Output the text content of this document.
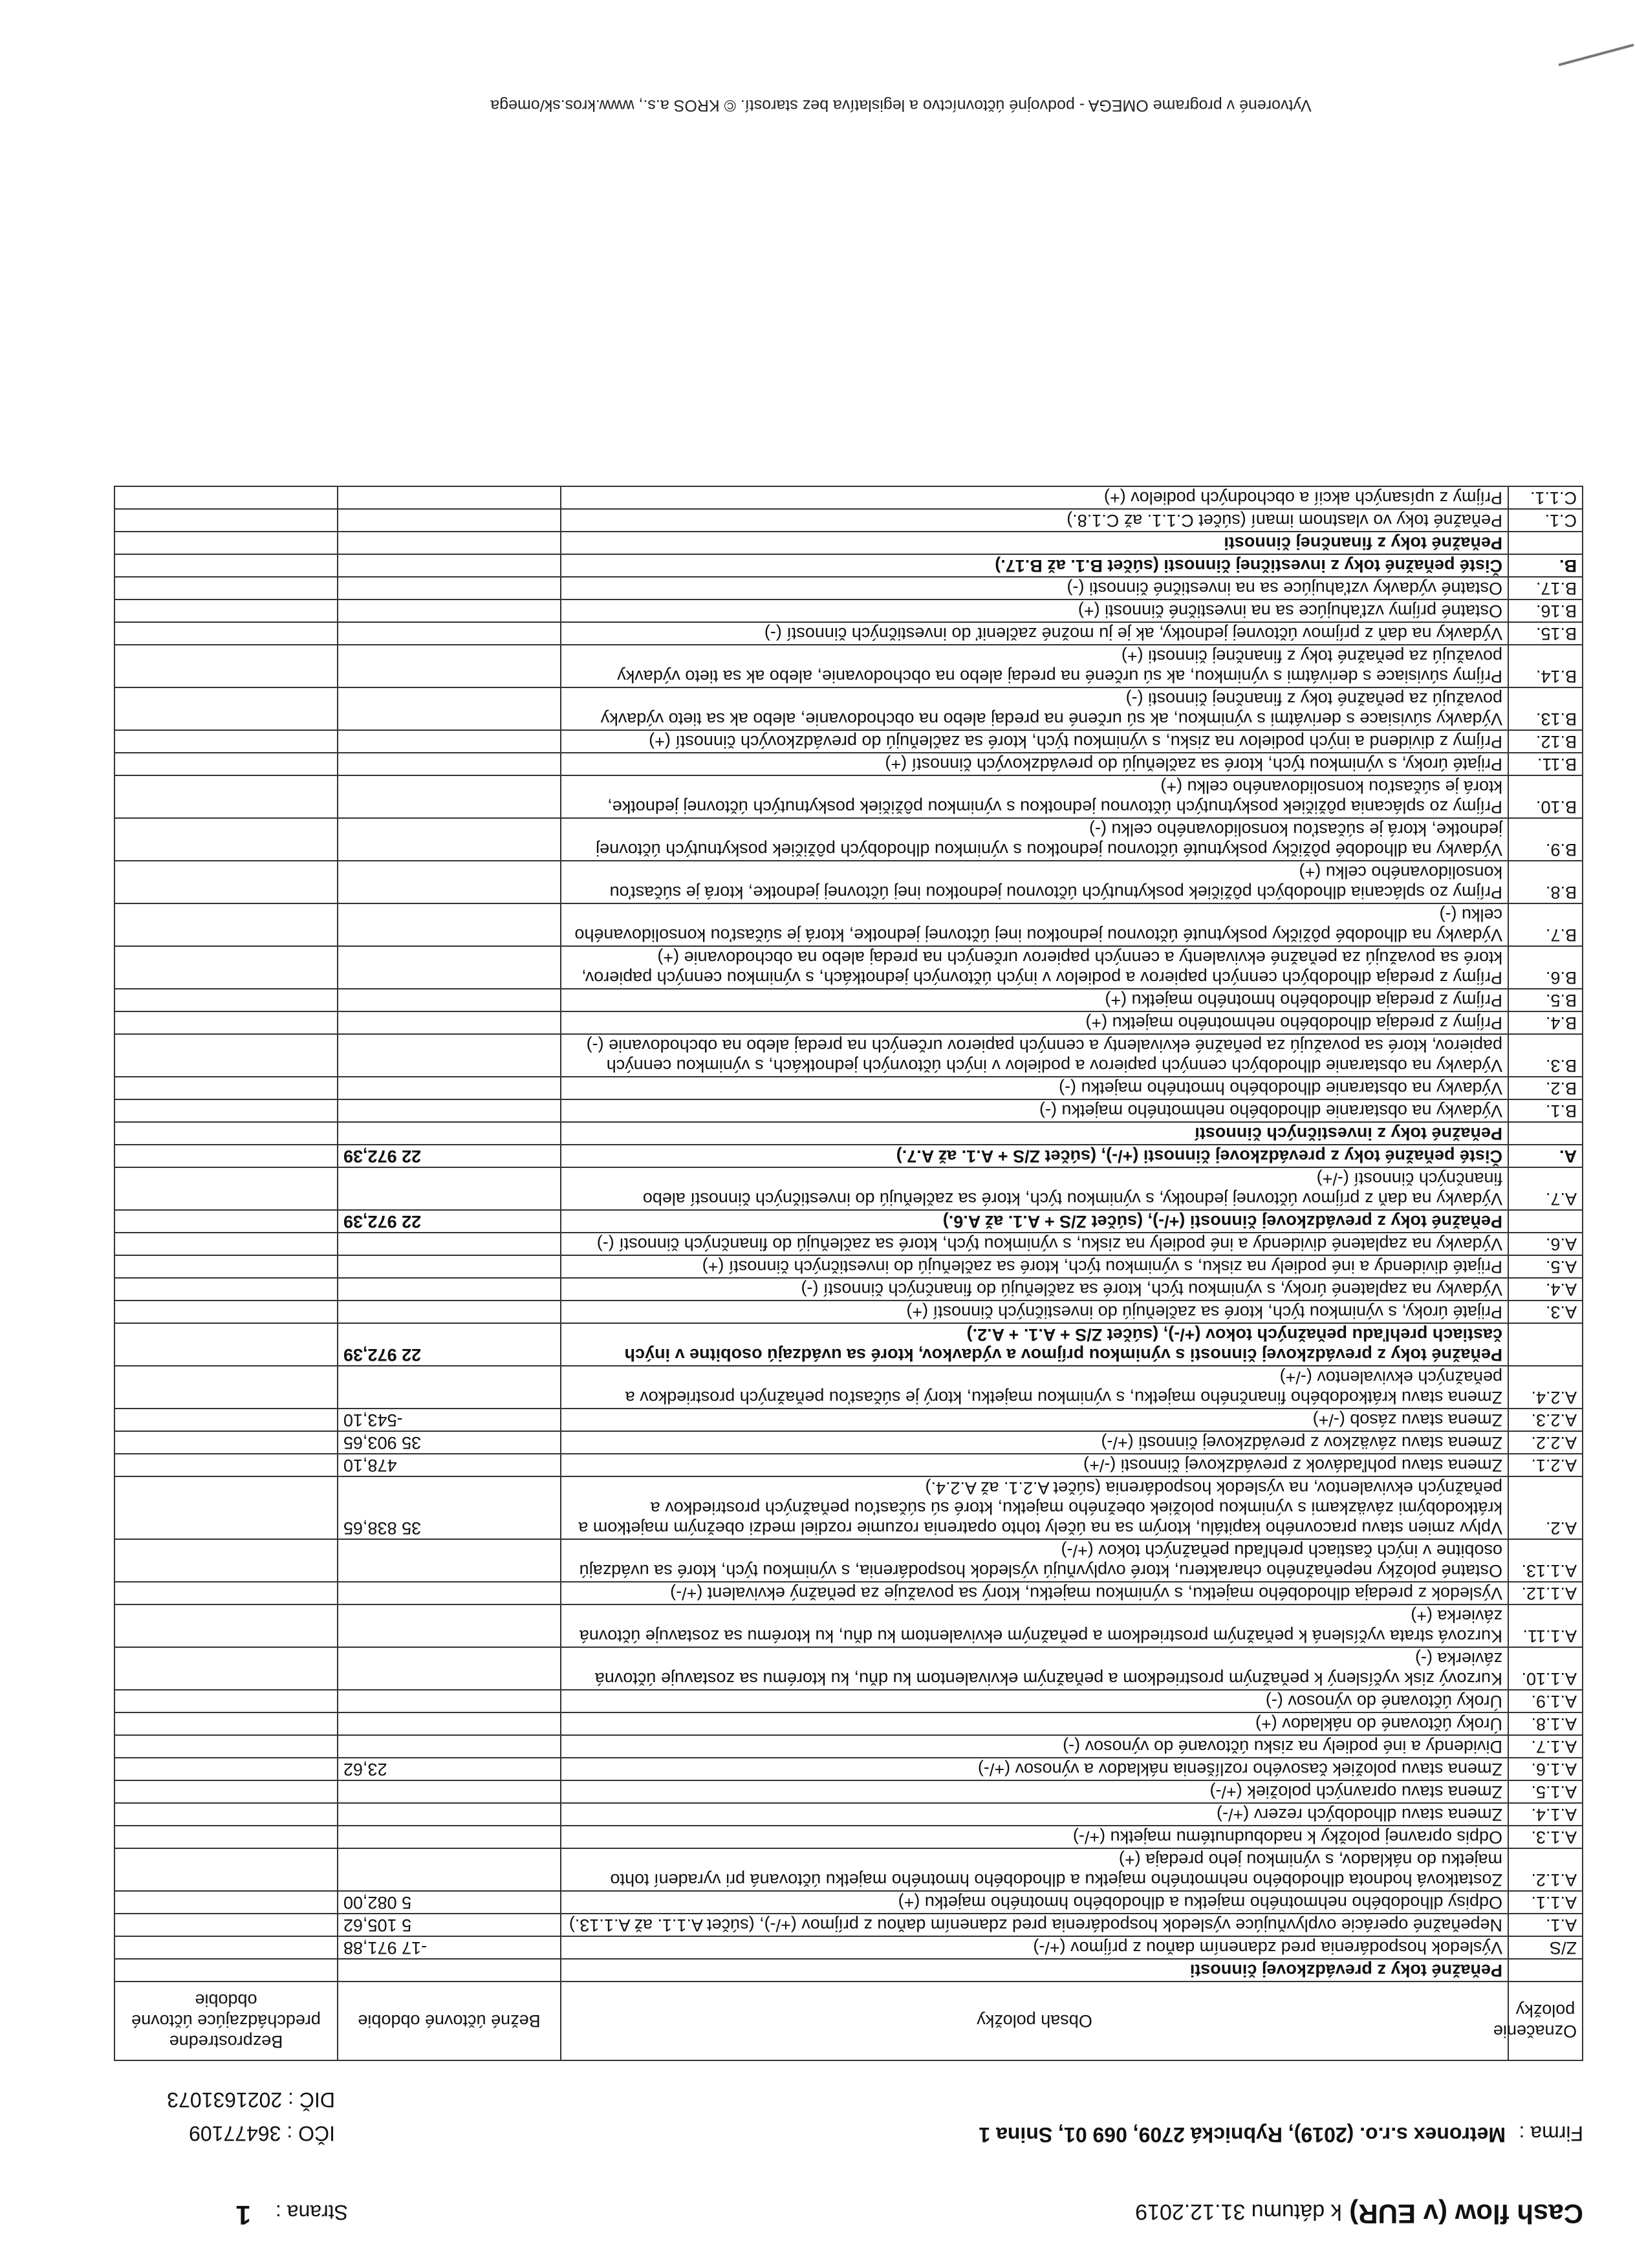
Cash flow (v EUR) k dátumu 31.12.2019
Strana :
1
Firma :
Metronex s.r.o. (2019), Rybnická 2709, 069 01, Snina 1
IČO : 36477109
DIČ : 2021631073
Označenie položky	Obsah položky	Bežné účtovné obdobie	Bezprostredne predchádzajúce účtovné obdobie
	Peňažné toky z prevádzkovej činnosti		
Z/S	Výsledok hospodárenia pred zdanením daňou z príjmov (+/-)	-17 971,88	
A.1.	Nepeňažné operácie ovplyvňujúce výsledok hospodárenia pred zdanením daňou z príjmov (+/-), (súčet A.1.1. až A.1.13.)	5 105,62	
A.1.1.	Odpisy dlhodobého nehmotného majetku a dlhodobého hmotného majetku (+)	5 082,00	
A.1.2.	Zostatková hodnota dlhodobého nehmotného majetku a dlhodobého hmotného majetku účtovaná pri vyradení tohto majetku do nákladov, s výnimkou jeho predaja (+)		
A.1.3.	Odpis opravnej položky k nadobudnutému majetku (+/-)		
A.1.4.	Zmena stavu dlhodobých rezerv (+/-)		
A.1.5.	Zmena stavu opravných položiek (+/-)		
A.1.6.	Zmena stavu položiek časového rozlíšenia nákladov a výnosov (+/-)	23,62	
A.1.7.	Dividendy a iné podiely na zisku účtované do výnosov (-)		
A.1.8.	Úroky účtované do nákladov (+)		
A.1.9.	Úroky účtované do výnosov (-)		
A.1.10.	Kurzový zisk vyčíslený k peňažným prostriedkom a peňažným ekvivalentom ku dňu, ku ktorému sa zostavuje účtovná závierka (-)		
A.1.11.	Kurzová strata vyčíslená k peňažným prostriedkom a peňažným ekvivalentom ku dňu, ku ktorému sa zostavuje účtovná závierka (+)		
A.1.12.	Výsledok z predaja dlhodobého majetku, s výnimkou majetku, ktorý sa považuje za peňažný ekvivalent (+/-)		
A.1.13.	Ostatné položky nepeňažného charakteru, ktoré ovplyvňujú výsledok hospodárenia, s výnimkou tých, ktoré sa uvádzajú osobitne v iných častiach prehľadu peňažných tokov (+/-)		
A.2.	Vplyv zmien stavu pracovného kapitálu, ktorým sa na účely tohto opatrenia rozumie rozdiel medzi obežným majetkom a krátkodobými záväzkami s výnimkou položiek obežného majetku, ktoré sú súčasťou peňažných prostriedkov a peňažných ekvivalentov, na výsledok hospodárenia (súčet A.2.1. až A.2.4.)	35 838,65	
A.2.1.	Zmena stavu pohľadávok z prevádzkovej činnosti (-/+)	478,10	
A.2.2.	Zmena stavu záväzkov z prevádzkovej činnosti (+/-)	35 903,65	
A.2.3.	Zmena stavu zásob (-/+)	-543,10	
A.2.4.	Zmena stavu krátkodobého finančného majetku, s výnimkou majetku, ktorý je súčasťou peňažných prostriedkov a peňažných ekvivalentov (-/+)		
	Peňažné toky z prevádzkovej činnosti s výnimkou príjmov a výdavkov, ktoré sa uvádzajú osobitne v iných častiach prehľadu peňažných tokov (+/-), (súčet Z/S + A.1. + A.2.)	22 972,39	
A.3.	Prijaté úroky, s výnimkou tých, ktoré sa začleňujú do investičných činností (+)		
A.4.	Výdavky na zaplatené úroky, s výnimkou tých, ktoré sa začleňujú do finančných činností (-)		
A.5.	Prijaté dividendy a iné podiely na zisku, s výnimkou tých, ktoré sa začleňujú do investičných činností (+)		
A.6.	Výdavky na zaplatené dividendy a iné podiely na zisku, s výnimkou tých, ktoré sa začleňujú do finančných činností (-)		
	Peňažné toky z prevádzkovej činnosti (+/-), (súčet Z/S + A.1. až A.6.)	22 972,39	
A.7.	Výdavky na daň z príjmov účtovnej jednotky, s výnimkou tých, ktoré sa začleňujú do investičných činností alebo finančných činností (-/+)		
A.	Čisté peňažné toky z prevádzkovej činnosti (+/-), (súčet Z/S + A.1. až A.7.)	22 972,39	
	Peňažné toky z investičných činností		
B.1.	Výdavky na obstaranie dlhodobého nehmotného majetku (-)		
B.2.	Výdavky na obstaranie dlhodobého hmotného majetku (-)		
B.3.	Výdavky na obstaranie dlhodobých cenných papierov a podielov v iných účtovných jednotkách, s výnimkou cenných papierov, ktoré sa považujú za peňažné ekvivalenty a cenných papierov určených na predaj alebo na obchodovanie (-)		
B.4.	Príjmy z predaja dlhodobého nehmotného majetku (+)		
B.5.	Príjmy z predaja dlhodobého hmotného majetku (+)		
B.6.	Príjmy z predaja dlhodobých cenných papierov a podielov v iných účtovných jednotkách, s výnimkou cenných papierov, ktoré sa považujú za peňažné ekvivalenty a cenných papierov určených na predaj alebo na obchodovanie (+)		
B.7.	Výdavky na dlhodobé pôžičky poskytnuté účtovnou jednotkou inej účtovnej jednotke, ktorá je súčasťou konsolidovaného celku (-)		
B.8.	Príjmy zo splácania dlhodobých pôžičiek poskytnutých účtovnou jednotkou inej účtovnej jednotke, ktorá je súčasťou konsolidovaného celku (+)		
B.9.	Výdavky na dlhodobé pôžičky poskytnuté účtovnou jednotkou s výnimkou dlhodobých pôžičiek poskytnutých účtovnej jednotke, ktorá je súčasťou konsolidovaného celku (-)		
B.10.	Príjmy zo splácania pôžičiek poskytnutých účtovnou jednotkou s výnimkou pôžičiek poskytnutých účtovnej jednotke, ktorá je súčasťou konsolidovaného celku (+)		
B.11.	Prijaté úroky, s výnimkou tých, ktoré sa začleňujú do prevádzkových činností (+)		
B.12.	Príjmy z dividend a iných podielov na zisku, s výnimkou tých, ktoré sa začleňujú do prevádzkových činností (+)		
B.13.	Výdavky súvisiace s derivátmi s výnimkou, ak sú určené na predaj alebo na obchodovanie, alebo ak sa tieto výdavky považujú za peňažné toky z finančnej činnosti (-)		
B.14.	Príjmy súvisiace s derivátmi s výnimkou, ak sú určené na predaj alebo na obchodovanie, alebo ak sa tieto výdavky považujú za peňažné toky z finančnej činnosti (+)		
B.15.	Výdavky na daň z príjmov účtovnej jednotky, ak je ju možné začleniť do investičných činností (-)		
B.16.	Ostatné príjmy vzťahujúce sa na investičné činnosti (+)		
B.17.	Ostatné výdavky vzťahujúce sa na investičné činnosti (-)		
B.	Čisté peňažné toky z investičnej činnosti (súčet B.1. až B.17.)		
	Peňažné toky z finančnej činnosti		
C.1.	Peňažné toky vo vlastnom imaní (súčet C.1.1. až C.1.8.)		
C.1.1.	Príjmy z upísaných akcií a obchodných podielov (+)		
Vytvorené v programe OMEGA - podvojné účtovníctvo a legislatíva bez starostí. © KROS a.s., www.kros.sk/omega
